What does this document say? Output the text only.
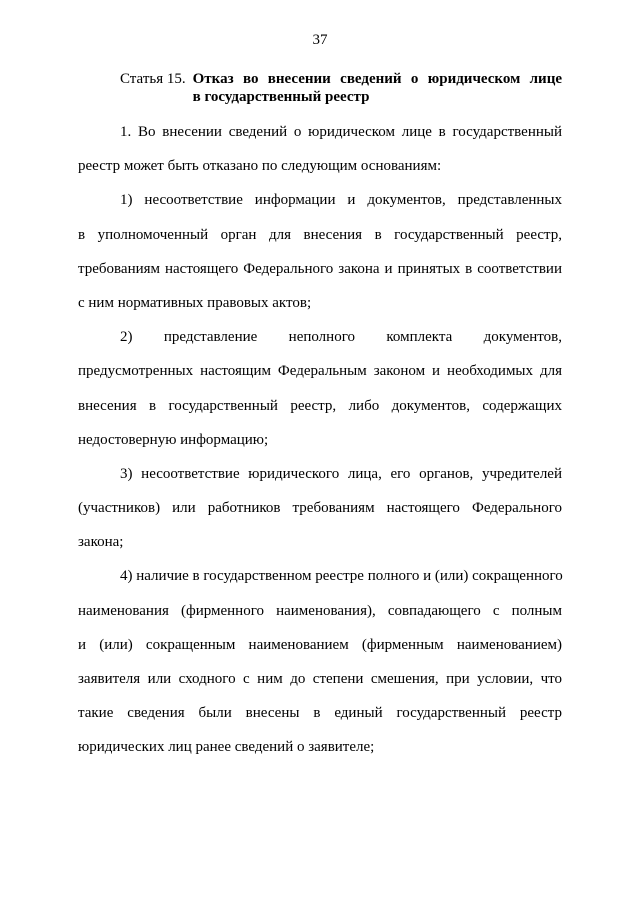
37
Статья 15. Отказ во внесении сведений о юридическом лице
в государственный реестр
1. Во внесении сведений о юридическом лице в государственный
реестр может быть отказано по следующим основаниям:
1) несоответствие информации и документов, представленных
в уполномоченный орган для внесения в государственный реестр,
требованиям настоящего Федерального закона и принятых в соответствии
с ним нормативных правовых актов;
2) представление неполного комплекта документов,
предусмотренных настоящим Федеральным законом и необходимых для
внесения в государственный реестр, либо документов, содержащих
недостоверную информацию;
3) несоответствие юридического лица, его органов, учредителей
(участников) или работников требованиям настоящего Федерального
закона;
4) наличие в государственном реестре полного и (или) сокращенного
наименования (фирменного наименования), совпадающего с полным
и (или) сокращенным наименованием (фирменным наименованием)
заявителя или сходного с ним до степени смешения, при условии, что
такие сведения были внесены в единый государственный реестр
юридических лиц ранее сведений о заявителе;
